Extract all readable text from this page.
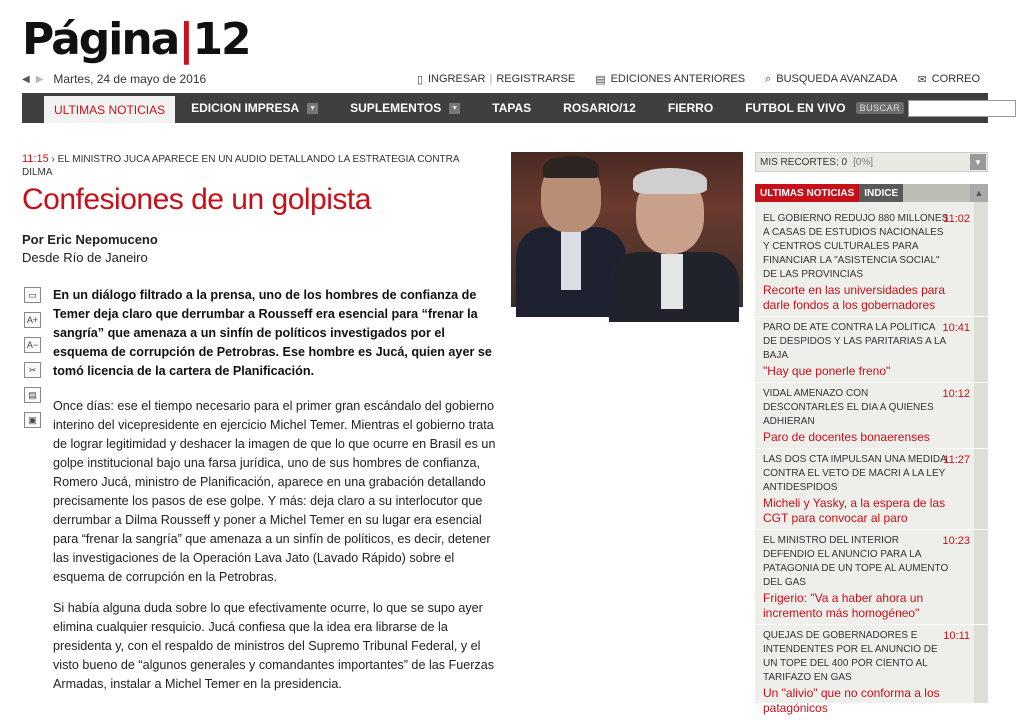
Página|12
◀ ▶ Martes, 24 de mayo de 2016	▯ INGRESAR | REGISTRARSE ▤ EDICIONES ANTERIORES ⌕ BUSQUEDA AVANZADA ✉ CORREO
ULTIMAS NOTICIAS	EDICION IMPRESA ▼	SUPLEMENTOS ▼	TAPAS	ROSARIO/12	FIERRO	FUTBOL EN VIVO	BUSCAR
11:15 › EL MINISTRO JUCA APARECE EN UN AUDIO DETALLANDO LA ESTRATEGIA CONTRA DILMA
Confesiones de un golpista
Por Eric Nepomuceno
Desde Río de Janeiro
▭
A+
A−
✂
▤
▣
En un diálogo filtrado a la prensa, uno de los hombres de confianza de Temer deja claro que derrumbar a Rousseff era esencial para “frenar la sangría” que amenaza a un sinfín de políticos investigados por el esquema de corrupción de Petrobras. Ese hombre es Jucá, quien ayer se tomó licencia de la cartera de Planificación.

Once días: ese el tiempo necesario para el primer gran escándalo del gobierno interino del vicepresidente en ejercicio Michel Temer. Mientras el gobierno trata de lograr legitimidad y deshacer la imagen de que lo que ocurre en Brasil es un golpe institucional bajo una farsa jurídica, uno de sus hombres de confianza, Romero Jucá, ministro de Planificación, aparece en una grabación detallando precisamente los pasos de ese golpe. Y más: deja claro a su interlocutor que derrumbar a Dilma Rousseff y poner a Michel Temer en su lugar era esencial para “frenar la sangría” que amenaza a un sinfín de políticos, es decir, detener las investigaciones de la Operación Lava Jato (Lavado Rápido) sobre el esquema de corrupción en la Petrobras.

Si había alguna duda sobre lo que efectivamente ocurre, lo que se supo ayer elimina cualquier resquicio. Jucá confiesa que la idea era librarse de la presidenta y, con el respaldo de ministros del Supremo Tribunal Federal, y el visto bueno de “algunos generales y comandantes importantes” de las Fuerzas Armadas, instalar a Michel Temer en la presidencia.

MIS RECORTES: 0 [0%]	▼
ULTIMAS NOTICIAS	INDICE	▲
EL GOBIERNO REDUJO 880 MILLONES A CASAS DE ESTUDIOS NACIONALES Y CENTROS CULTURALES PARA FINANCIAR LA "ASISTENCIA SOCIAL" DE LAS PROVINCIAS
11:02
Recorte en las universidades para darle fondos a los gobernadores
PARO DE ATE CONTRA LA POLITICA DE DESPIDOS Y LAS PARITARIAS A LA BAJA
10:41
"Hay que ponerle freno"
VIDAL AMENAZO CON DESCONTARLES EL DIA A QUIENES ADHIERAN
10:12
Paro de docentes bonaerenses
LAS DOS CTA IMPULSAN UNA MEDIDA CONTRA EL VETO DE MACRI A LA LEY ANTIDESPIDOS
11:27
Micheli y Yasky, a la espera de las CGT para convocar al paro
EL MINISTRO DEL INTERIOR DEFENDIO EL ANUNCIO PARA LA PATAGONIA DE UN TOPE AL AUMENTO DEL GAS
10:23
Frigerio: "Va a haber ahora un incremento más homogéneo"
QUEJAS DE GOBERNADORES E INTENDENTES POR EL ANUNCIO DE UN TOPE DEL 400 POR CIENTO AL TARIFAZO EN GAS
10:11
Un "alivio" que no conforma a los patagónicos
